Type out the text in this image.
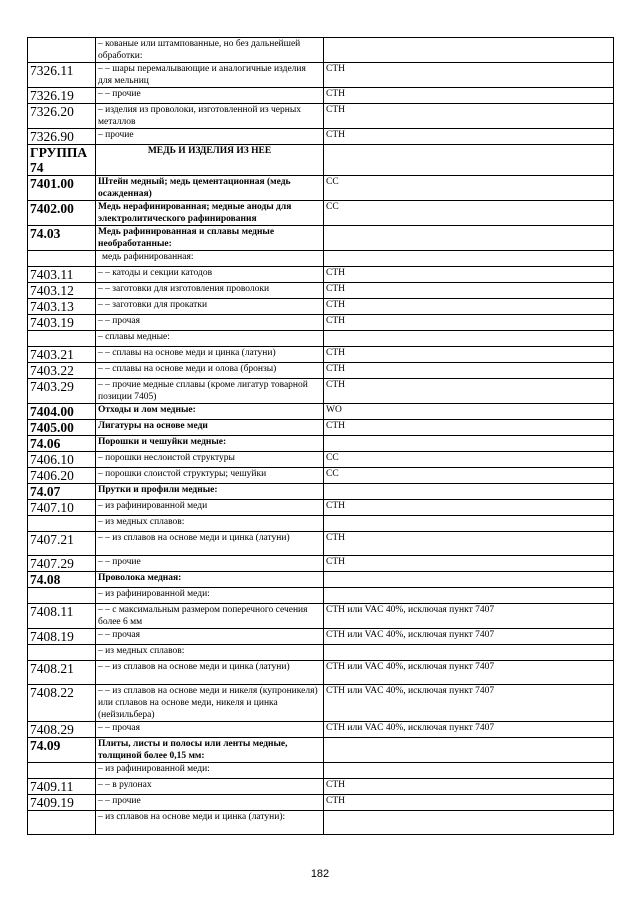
	– кованые или штампованные, но без дальнейшей обработки:	
7326.11	– – шары перемалывающие и аналогичные изделия для мельниц	СТН
7326.19	– – прочие	СТН
7326.20	– изделия из проволоки, изготовленной из черных металлов	СТН
7326.90	– прочие	СТН
ГРУППА 74	МЕДЬ И ИЗДЕЛИЯ ИЗ НЕЕ	
7401.00	Штейн медный; медь цементационная (медь осажденная)	СС
7402.00	Медь нерафинированная; медные аноды для электролитического рафинирования	СС
74.03	Медь рафинированная и сплавы медные необработанные:	
	медь рафинированная:	
7403.11	– – катоды и секции катодов	СТН
7403.12	– – заготовки для изготовления проволоки	СТН
7403.13	– – заготовки для прокатки	СТН
7403.19	– – прочая	СТН
	– сплавы медные:	
7403.21	– – сплавы на основе меди и цинка (латуни)	СТН
7403.22	– – сплавы на основе меди и олова (бронзы)	СТН
7403.29	– – прочие медные сплавы (кроме лигатур товарной позиции 7405)	СТН
7404.00	Отходы и лом медные:	WO
7405.00	Лигатуры на основе меди	СТН
74.06	Порошки и чешуйки медные:	
7406.10	– порошки неслоистой структуры	СС
7406.20	– порошки слоистой структуры; чешуйки	СС
74.07	Прутки и профили медные:	
7407.10	– из рафинированной меди	СТН
	– из медных сплавов:	
7407.21	– – из сплавов на основе меди и цинка (латуни)	СТН
7407.29	– – прочие	СТН
74.08	Проволока медная:	
	– из рафинированной меди:	
7408.11	– – с максимальным размером поперечного сечения более 6 мм	СТН или VAC 40%, исключая пункт 7407
7408.19	– – прочая	СТН или VAC 40%, исключая пункт 7407
	– из медных сплавов:	
7408.21	– – из сплавов на основе меди и цинка (латуни)	СТН или VAC 40%, исключая пункт 7407
7408.22	– – из сплавов на основе меди и никеля (купроникеля) или сплавов на основе меди, никеля и цинка (нейзильбера)	СТН или VAC 40%, исключая пункт 7407
7408.29	– – прочая	СТН или VAC 40%, исключая пункт 7407
74.09	Плиты, листы и полосы или ленты медные, толщиной более 0,15 мм:	
	– из рафинированной меди:	
7409.11	– – в рулонах	СТН
7409.19	– – прочие	СТН
	– из сплавов на основе меди и цинка (латуни):	
182
